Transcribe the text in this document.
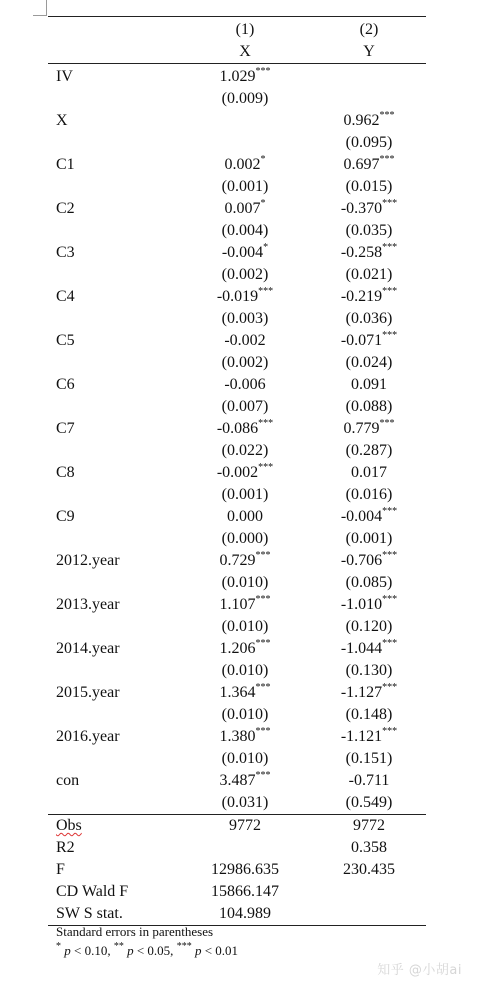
	(1)	(2)
	X	Y
IV	1.029***	
	(0.009)	
X		0.962***
		(0.095)
C1	0.002*	0.697***
	(0.001)	(0.015)
C2	0.007*	-0.370***
	(0.004)	(0.035)
C3	-0.004*	-0.258***
	(0.002)	(0.021)
C4	-0.019***	-0.219***
	(0.003)	(0.036)
C5	-0.002	-0.071***
	(0.002)	(0.024)
C6	-0.006	0.091
	(0.007)	(0.088)
C7	-0.086***	0.779***
	(0.022)	(0.287)
C8	-0.002***	0.017
	(0.001)	(0.016)
C9	0.000	-0.004***
	(0.000)	(0.001)
2012.year	0.729***	-0.706***
	(0.010)	(0.085)
2013.year	1.107***	-1.010***
	(0.010)	(0.120)
2014.year	1.206***	-1.044***
	(0.010)	(0.130)
2015.year	1.364***	-1.127***
	(0.010)	(0.148)
2016.year	1.380***	-1.121***
	(0.010)	(0.151)
con	3.487***	-0.711
	(0.031)	(0.549)
Obs	9772	9772
R2		0.358
F	12986.635	230.435
CD Wald F	15866.147	
SW S stat.	104.989	
Standard errors in parentheses
* p < 0.10, ** p < 0.05, *** p < 0.01
知乎 @小胡ai
